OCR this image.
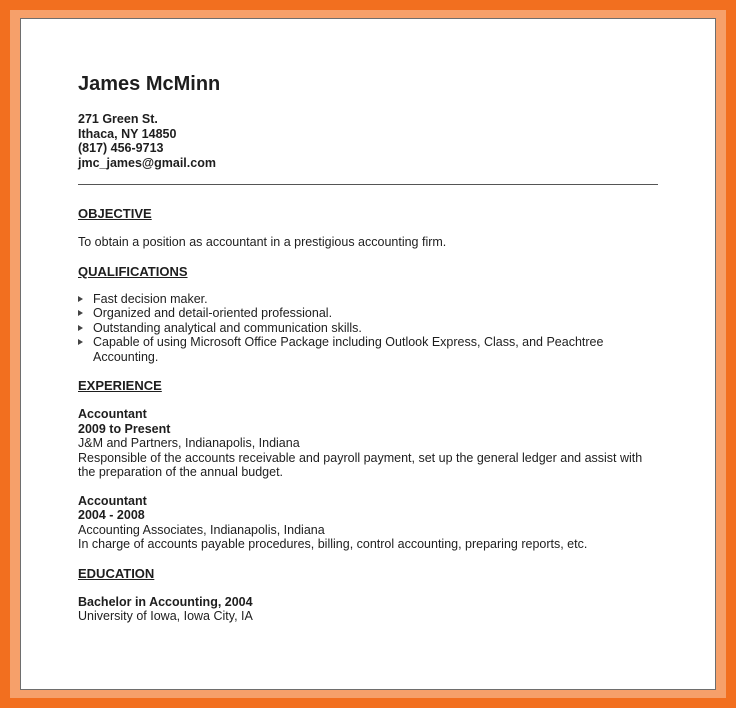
James McMinn
271 Green St.
Ithaca, NY 14850
(817) 456-9713
jmc_james@gmail.com
OBJECTIVE
To obtain a position as accountant in a prestigious accounting firm.
QUALIFICATIONS
Fast decision maker.
Organized and detail-oriented professional.
Outstanding analytical and communication skills.
Capable of using Microsoft Office Package including Outlook Express, Class, and Peachtree Accounting.
EXPERIENCE
Accountant
2009 to Present
J&M and Partners, Indianapolis, Indiana
Responsible of the accounts receivable and payroll payment, set up the general ledger and assist with the preparation of the annual budget.
Accountant
2004 - 2008
Accounting Associates, Indianapolis, Indiana
In charge of accounts payable procedures, billing, control accounting, preparing reports, etc.
EDUCATION
Bachelor in Accounting, 2004
University of Iowa, Iowa City, IA
